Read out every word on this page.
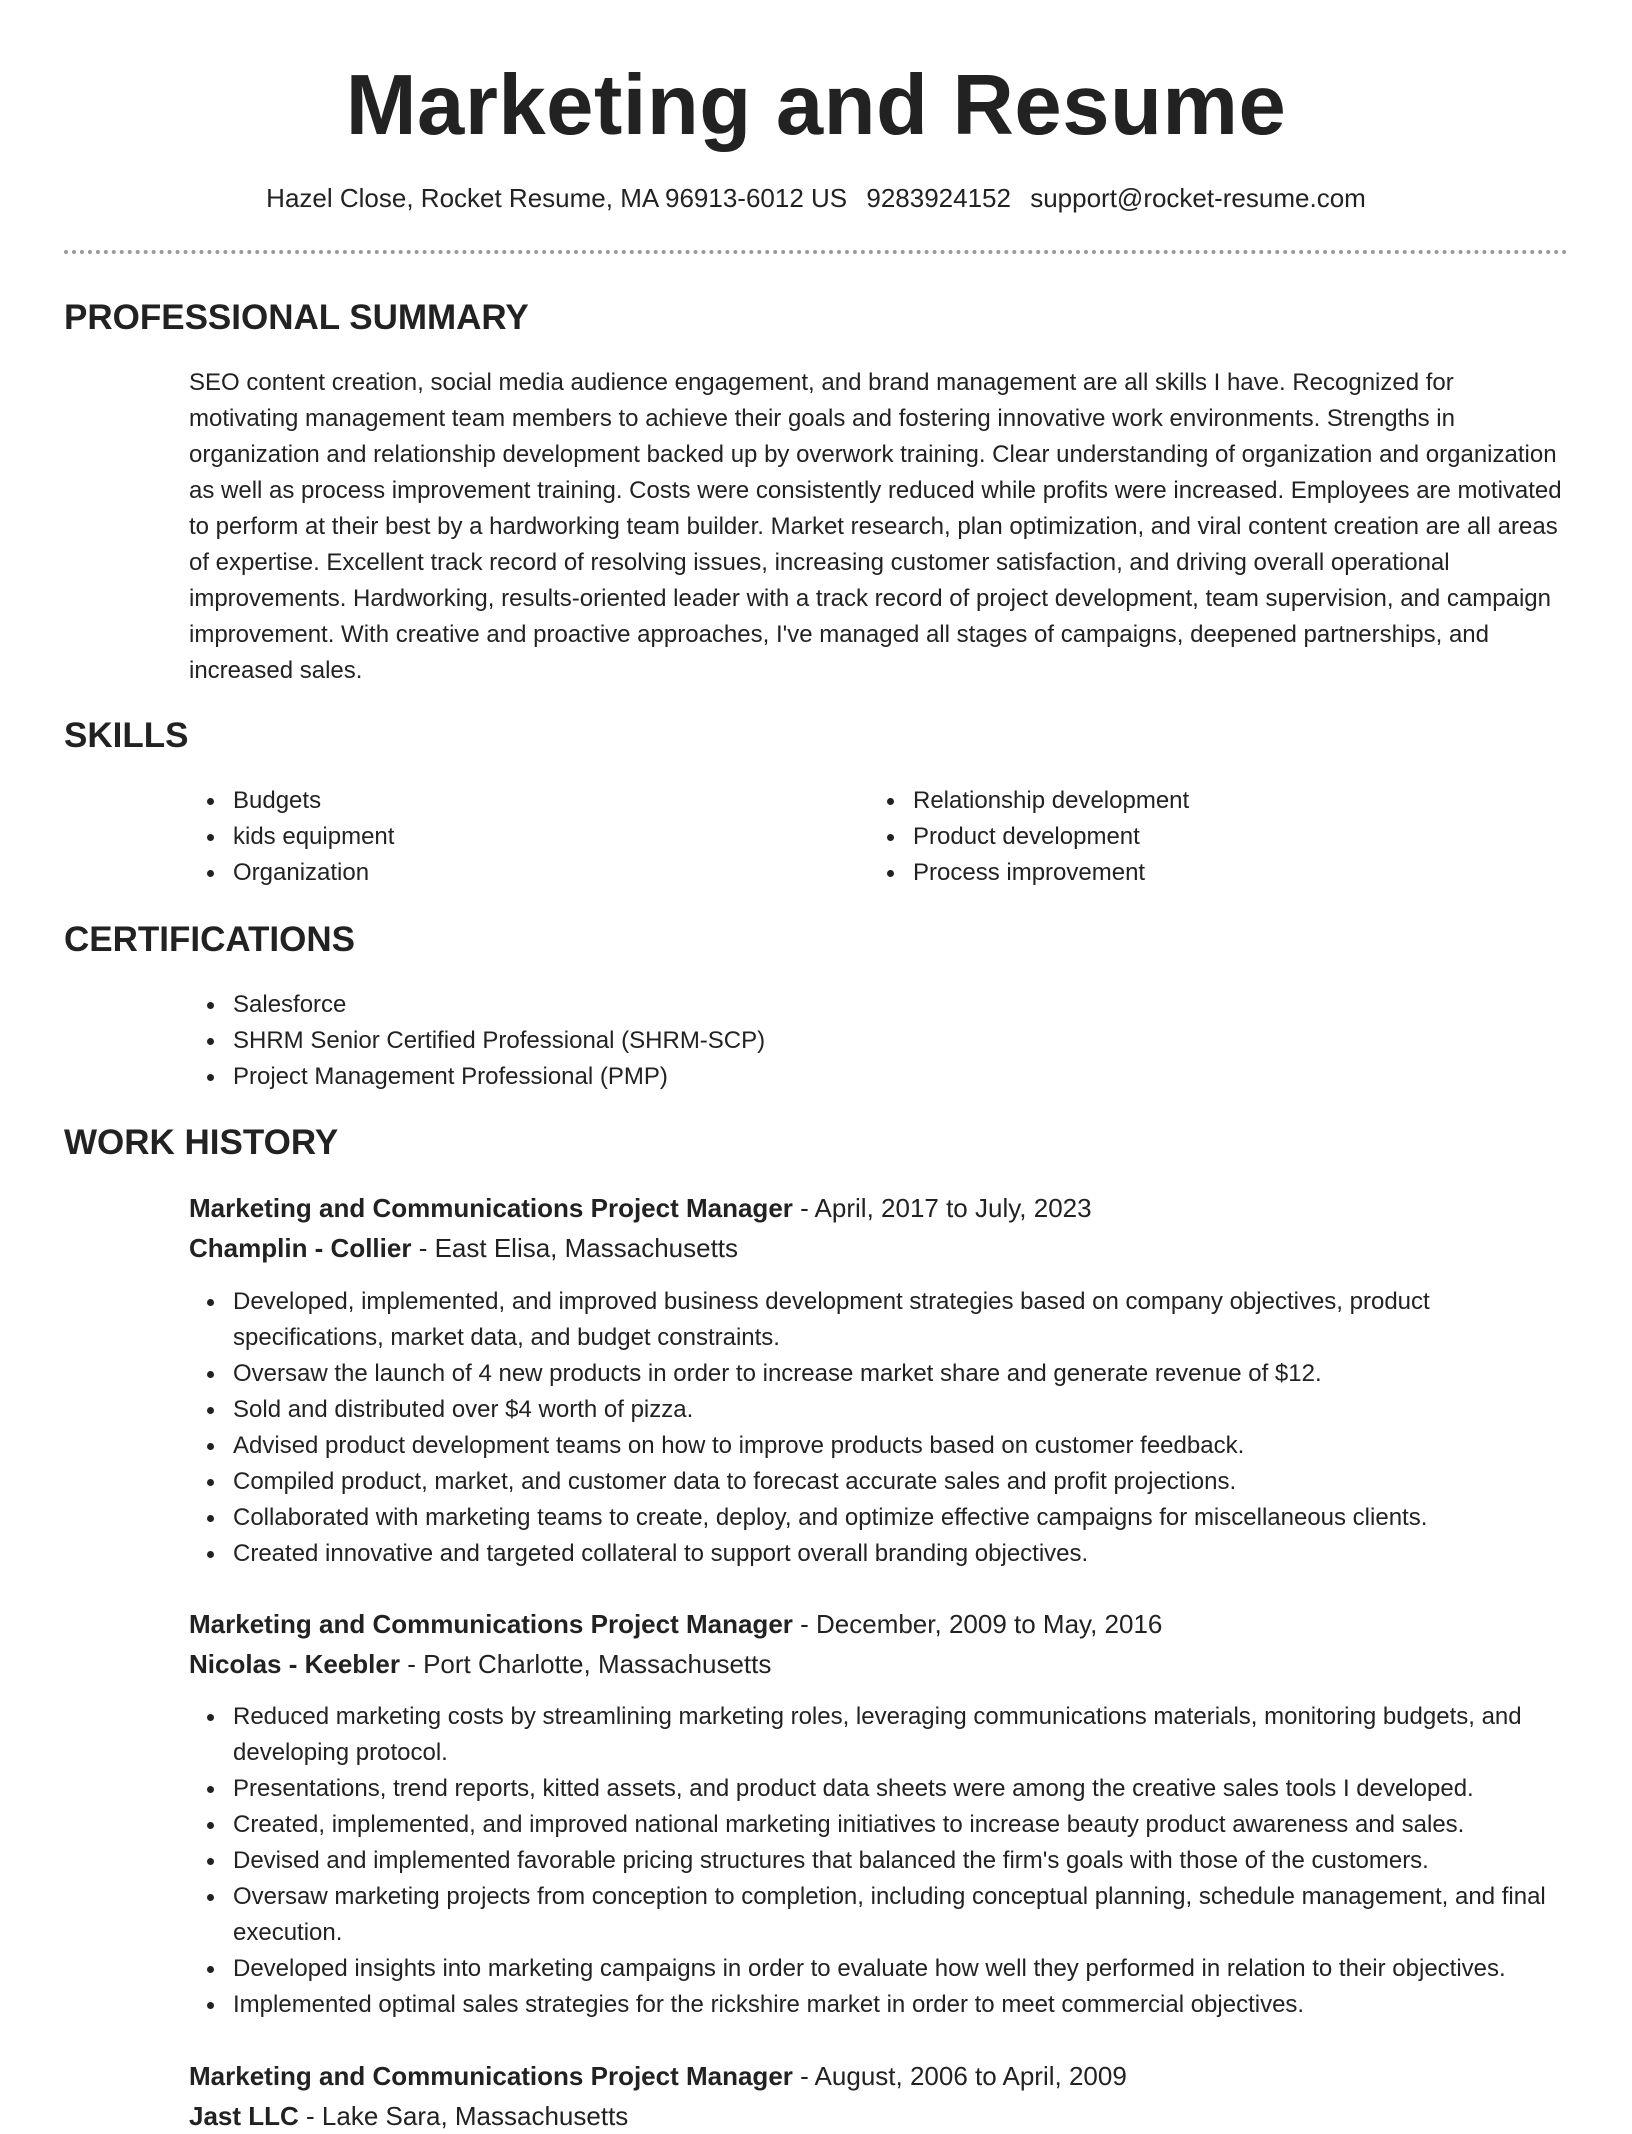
Marketing and Resume
Hazel Close, Rocket Resume, MA 96913-6012 US 9283924152 support@rocket-resume.com
PROFESSIONAL SUMMARY

SEO content creation, social media audience engagement, and brand management are all skills I have. Recognized for motivating management team members to achieve their goals and fostering innovative work environments. Strengths in organization and relationship development backed up by overwork training. Clear understanding of organization and organization as well as process improvement training. Costs were consistently reduced while profits were increased. Employees are motivated to perform at their best by a hardworking team builder. Market research, plan optimization, and viral content creation are all areas of expertise. Excellent track record of resolving issues, increasing customer satisfaction, and driving overall operational improvements. Hardworking, results-oriented leader with a track record of project development, team supervision, and campaign improvement. With creative and proactive approaches, I've managed all stages of campaigns, deepened partnerships, and increased sales.

SKILLS
Budgets
kids equipment
Organization
Relationship development
Product development
Process improvement
CERTIFICATIONS
Salesforce
SHRM Senior Certified Professional (SHRM-SCP)
Project Management Professional (PMP)
WORK HISTORY

Marketing and Communications Project Manager - April, 2017 to July, 2023

Champlin - Collier - East Elisa, Massachusetts

Developed, implemented, and improved business development strategies based on company objectives, product specifications, market data, and budget constraints.
Oversaw the launch of 4 new products in order to increase market share and generate revenue of $12.
Sold and distributed over $4 worth of pizza.
Advised product development teams on how to improve products based on customer feedback.
Compiled product, market, and customer data to forecast accurate sales and profit projections.
Collaborated with marketing teams to create, deploy, and optimize effective campaigns for miscellaneous clients.
Created innovative and targeted collateral to support overall branding objectives.

Marketing and Communications Project Manager - December, 2009 to May, 2016

Nicolas - Keebler - Port Charlotte, Massachusetts

Reduced marketing costs by streamlining marketing roles, leveraging communications materials, monitoring budgets, and developing protocol.
Presentations, trend reports, kitted assets, and product data sheets were among the creative sales tools I developed.
Created, implemented, and improved national marketing initiatives to increase beauty product awareness and sales.
Devised and implemented favorable pricing structures that balanced the firm's goals with those of the customers.
Oversaw marketing projects from conception to completion, including conceptual planning, schedule management, and final execution.
Developed insights into marketing campaigns in order to evaluate how well they performed in relation to their objectives.
Implemented optimal sales strategies for the rickshire market in order to meet commercial objectives.

Marketing and Communications Project Manager - August, 2006 to April, 2009

Jast LLC - Lake Sara, Massachusetts
